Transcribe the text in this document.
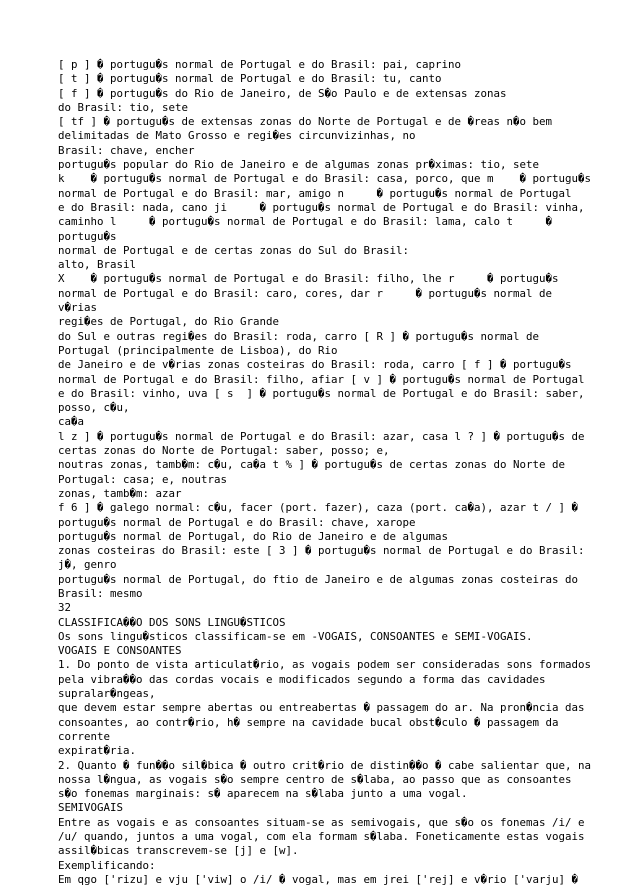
[ p ] � portugu�s normal de Portugal e do Brasil: pai, caprino
[ t ] � portugu�s normal de Portugal e do Brasil: tu, canto
[ f ] � portugu�s do Rio de Janeiro, de S�o Paulo e de extensas zonas
do Brasil: tio, sete
[ tf ] � portugu�s de extensas zonas do Norte de Portugal e de �reas n�o bem
delimitadas de Mato Grosso e regi�es circunvizinhas, no
Brasil: chave, encher
portugu�s popular do Rio de Janeiro e de algumas zonas pr�ximas: tio, sete
k    � portugu�s normal de Portugal e do Brasil: casa, porco, que m    � portugu�s
normal de Portugal e do Brasil: mar, amigo n     � portugu�s normal de Portugal
e do Brasil: nada, cano ji     � portugu�s normal de Portugal e do Brasil: vinha,
caminho l     � portugu�s normal de Portugal e do Brasil: lama, calo t     �
portugu�s
normal de Portugal e de certas zonas do Sul do Brasil:
alto, Brasil
X    � portugu�s normal de Portugal e do Brasil: filho, lhe r     � portugu�s
normal de Portugal e do Brasil: caro, cores, dar r     � portugu�s normal de
v�rias
regi�es de Portugal, do Rio Grande
do Sul e outras regi�es do Brasil: roda, carro [ R ] � portugu�s normal de
Portugal (principalmente de Lisboa), do Rio
de Janeiro e de v�rias zonas costeiras do Brasil: roda, carro [ f ] � portugu�s
normal de Portugal e do Brasil: filho, afiar [ v ] � portugu�s normal de Portugal
e do Brasil: vinho, uva [ s  ] � portugu�s normal de Portugal e do Brasil: saber,
posso, c�u,
ca�a
l z ] � portugu�s normal de Portugal e do Brasil: azar, casa l ? ] � portugu�s de
certas zonas do Norte de Portugal: saber, posso; e,
noutras zonas, tamb�m: c�u, ca�a t % ] � portugu�s de certas zonas do Norte de
Portugal: casa; e, noutras
zonas, tamb�m: azar
f 6 ] � galego normal: c�u, facer (port. fazer), caza (port. ca�a), azar t / ] �
portugu�s normal de Portugal e do Brasil: chave, xarope
portugu�s normal de Portugal, do Rio de Janeiro e de algumas
zonas costeiras do Brasil: este [ 3 ] � portugu�s normal de Portugal e do Brasil:
j�, genro
portugu�s normal de Portugal, do ftio de Janeiro e de algumas zonas costeiras do
Brasil: mesmo
32
CLASSIFICA��O DOS SONS LINGU�STICOS
Os sons lingu�sticos classificam-se em -VOGAIS, CONSOANTES e SEMI-VOGAIS.
VOGAIS E CONSOANTES
1. Do ponto de vista articulat�rio, as vogais podem ser consideradas sons formados
pela vibra��o das cordas vocais e modificados segundo a forma das cavidades
supralar�ngeas,
que devem estar sempre abertas ou entreabertas � passagem do ar. Na pron�ncia das
consoantes, ao contr�rio, h� sempre na cavidade bucal obst�culo � passagem da
corrente
expirat�ria.
2. Quanto � fun��o sil�bica � outro crit�rio de distin��o � cabe salientar que, na
nossa l�ngua, as vogais s�o sempre centro de s�laba, ao passo que as consoantes
s�o fonemas marginais: s� aparecem na s�laba junto a uma vogal.
SEMIVOGAIS
Entre as vogais e as consoantes situam-se as semivogais, que s�o os fonemas /i/ e
/u/ quando, juntos a uma vogal, com ela formam s�laba. Foneticamente estas vogais
assil�bicas transcrevem-se [j] e [w].
Exemplificando:
Em qgo ['rizu] e vju ['viw] o /i/ � vogal, mas em jrei ['rej] e v�rio ['varju] �
